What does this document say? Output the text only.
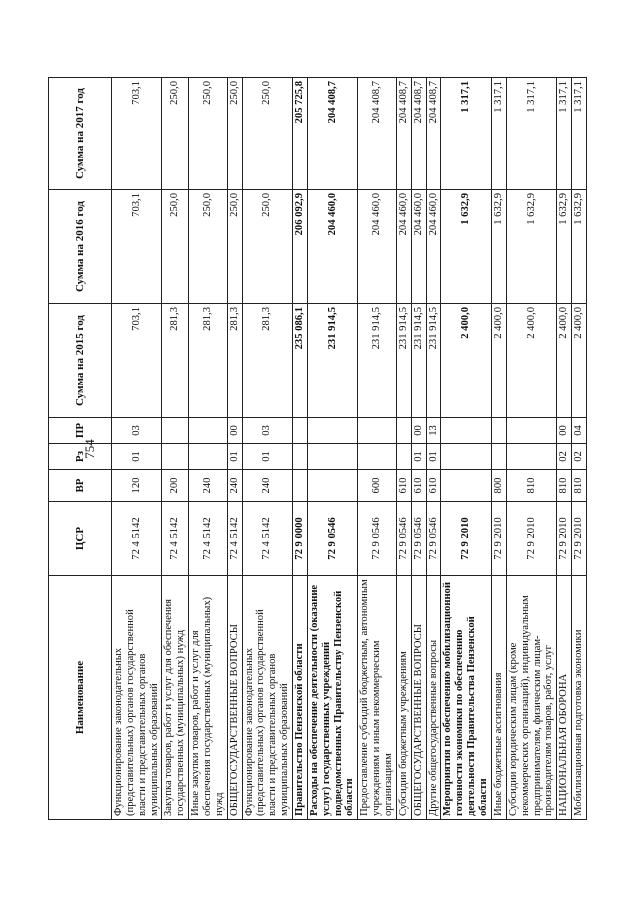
754
Наименование	ЦСР	ВР	Рз	ПР	Сумма на 2015 год	Сумма на 2016 год	Сумма на 2017 год
Функционирование законодательных (представительных) органов государственной власти и представительных органов муниципальных образований	72 4 5142	120	01	03	703,1	703,1	703,1
Закупка товаров, работ и услуг для обеспечения государственных (муниципальных) нужд	72 4 5142	200			281,3	250,0	250,0
Иные закупки товаров, работ и услуг для обеспечения государственных (муниципальных) нужд	72 4 5142	240			281,3	250,0	250,0
ОБЩЕГОСУДАРСТВЕННЫЕ ВОПРОСЫ	72 4 5142	240	01	00	281,3	250,0	250,0
Функционирование законодательных (представительных) органов государственной власти и представительных органов муниципальных образований	72 4 5142	240	01	03	281,3	250,0	250,0
Правительство Пензенской области	72 9 0000				235 086,1	206 092,9	205 725,8
Расходы на обеспечение деятельности (оказание услуг) государственных учреждений подведомственных Правительству Пензенской области	72 9 0546				231 914,5	204 460,0	204 408,7
Предоставление субсидий бюджетным, автономным учреждениям и иным некоммерческим организациям	72 9 0546	600			231 914,5	204 460,0	204 408,7
Субсидии бюджетным учреждениям	72 9 0546	610			231 914,5	204 460,0	204 408,7
ОБЩЕГОСУДАРСТВЕННЫЕ ВОПРОСЫ	72 9 0546	610	01	00	231 914,5	204 460,0	204 408,7
Другие общегосударственные вопросы	72 9 0546	610	01	13	231 914,5	204 460,0	204 408,7
Мероприятия по обеспечению мобилизационной готовности экономики по обеспечению деятельности Правительства Пензенской области	72 9 2010				2 400,0	1 632,9	1 317,1
Иные бюджетные ассигнования	72 9 2010	800			2 400,0	1 632,9	1 317,1
Субсидии юридическим лицам (кроме некоммерческих организаций), индивидуальным предпринимателям, физическим лицам-производителям товаров, работ, услуг	72 9 2010	810			2 400,0	1 632,9	1 317,1
НАЦИОНАЛЬНАЯ ОБОРОНА	72 9 2010	810	02	00	2 400,0	1 632,9	1 317,1
Мобилизационная подготовка экономики	72 9 2010	810	02	04	2 400,0	1 632,9	1 317,1
